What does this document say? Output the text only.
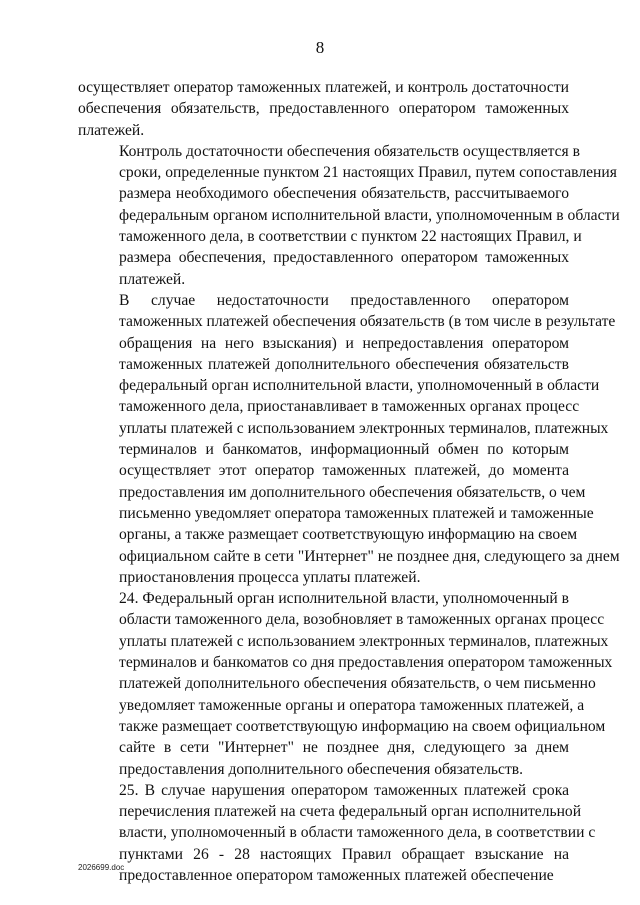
8
осуществляет оператор таможенных платежей, и контроль достаточности
обеспечения обязательств, предоставленного оператором таможенных
платежей.
Контроль достаточности обеспечения обязательств осуществляется в
сроки, определенные пунктом 21 настоящих Правил, путем сопоставления
размера необходимого обеспечения обязательств, рассчитываемого
федеральным органом исполнительной власти, уполномоченным в области
таможенного дела, в соответствии с пунктом 22 настоящих Правил, и
размера обеспечения, предоставленного оператором таможенных
платежей.
В случае недостаточности предоставленного оператором
таможенных платежей обеспечения обязательств (в том числе в результате
обращения на него взыскания) и непредоставления оператором
таможенных платежей дополнительного обеспечения обязательств
федеральный орган исполнительной власти, уполномоченный в области
таможенного дела, приостанавливает в таможенных органах процесс
уплаты платежей с использованием электронных терминалов, платежных
терминалов и банкоматов, информационный обмен по которым
осуществляет этот оператор таможенных платежей, до момента
предоставления им дополнительного обеспечения обязательств, о чем
письменно уведомляет оператора таможенных платежей и таможенные
органы, а также размещает соответствующую информацию на своем
официальном сайте в сети "Интернет" не позднее дня, следующего за днем
приостановления процесса уплаты платежей.
24. Федеральный орган исполнительной власти, уполномоченный в
области таможенного дела, возобновляет в таможенных органах процесс
уплаты платежей с использованием электронных терминалов, платежных
терминалов и банкоматов со дня предоставления оператором таможенных
платежей дополнительного обеспечения обязательств, о чем письменно
уведомляет таможенные органы и оператора таможенных платежей, а
также размещает соответствующую информацию на своем официальном
сайте в сети "Интернет" не позднее дня, следующего за днем
предоставления дополнительного обеспечения обязательств.
25. В случае нарушения оператором таможенных платежей срока
перечисления платежей на счета федеральный орган исполнительной
власти, уполномоченный в области таможенного дела, в соответствии с
пунктами 26 - 28 настоящих Правил обращает взыскание на
предоставленное оператором таможенных платежей обеспечение
2026699.doc
